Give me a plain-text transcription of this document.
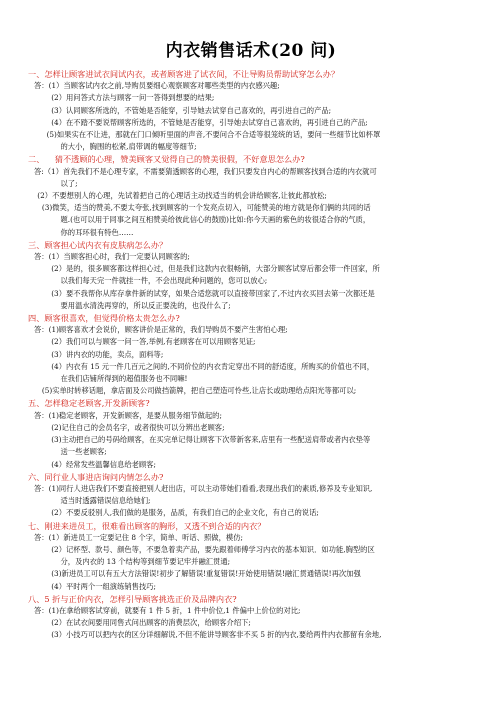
内衣销售话术(20 问)
一、怎样让顾客进试衣间试内衣，或者顾客进了试衣间，不让导购员帮助试穿怎么办？
答：(1）当顾客试内衣之前,导购员要细心观察顾客对哪些类型的内衣感兴趣;
(2）用问答式方法与顾客一问一答得到想要的结果;
(3）认同顾客所选的，不管她是否能穿，引导她去试穿自己喜欢的，再引进自己的产品;
(4）在不踏不要说帮顾客所选的，不管她是否能穿，引导她去试穿自己喜欢的，再引进自己的产品;
(5)如果实在不让进，那就在门口倾听里面的声音,不要问合不合适等很笼统的话，要问一些细节比如杯罩
的大小，胸围的松紧,肩带调的幅度等细节;
二、    猜不透顾的心理，赞美顾客又觉得自己的赞美很假，不好意思怎么办?
答:（1）首先我们不是心理专家，不需要猜透顾客的心理，我们只要发自内心的帮顾客找到合适的内衣就可
以了;
(2）不要想别人的心理，先试着把自己的心理话主动找适当的机会讲给顾客,让彼此都放松;
(3)微笑，适当的赞美,不要太夸张,找到顾客的一个发亮点切入，可能赞美的地方就是你们俩的共同的话
题.(也可以用于同事之间互相赞美给彼此信心的鼓励)比如:你今天画的紫色的妆很适合你的气质，
你的耳环很有特色……
三、顾客担心试内衣有皮肤病怎么办？
答：(1）当顾客担心时，我们一定要认同顾客的;
(2）是的，很多顾客都这样担心过，但是我们这款内衣很畅销，大部分顾客试穿后都会带一件回家，所
以我们每天完一件就挂一件，不会出现此种问题的，您可以放心;
(3）要不我帮你从库存拿件新的试穿，如果合适您就可以直接带回家了,不过内衣买回去第一次都还是
要用温水清洗再穿的，所以反正要洗的，也没什么了;
四、顾客很喜欢，但觉得价格太贵怎么办?
答：(1)顾客喜欢才会说价，顾客讲价是正常的，我们导购员不要产生害怕心理;
(2）我们可以与顾客一问一答,举例,有老顾客在可以用顾客见证;
(3）讲内衣的功能，卖点，面料等;
(4）内衣有 15 元一件几百元之间的,不同价位的内衣肯定穿出不同的舒适度，所购买的价值也不同，
在我们店铺所得到的超值服务也不同嘛!
(5)实单时转移话题，拿店面及公司做挡箭牌，把自己塑造可怜些,让店长或助理给点阳光等都可以;
五、怎样稳定老顾客,开发新顾客?
答：(1)稳定老顾客，开发新顾客，是要从服务细节做起的;
(2)记住自己的会员名字，或者很快可以分辨出老顾客;
(3)主动把自己的号码给顾客，在买完单记得让顾客下次带新客来,店里有一些配送肩带或者内衣垫等
送一些老顾客;
(4）经常发些温馨信息给老顾客;
六、同行业人事进店询问内情怎么办?
答：(1)同行人进店我们不要直接把别人赶出店，可以主动带她们看看,表现出我们的素质,修养及专业知识,
适当时透露错误信息给她们;
(2）不要反驳别人,我们做的是服务，品质，有我们自己的企业文化，有自己的说话;
七、刚进来进员工，很难看出顾客的胸形，又透不到合适的内衣？
答：(1）新进员工一定要记住 8 个字，简单、听话、照做，模仿;
(2）记杯型、款号、颜色等，不要急着卖产品，要先跟着师傅学习内衣的基本知识．如功能,胸型的区
分，及内衣的 13 个结构等到细节要记牢并融汇贯通;
(3)新进员工可以有五大方法错误!初步了解错误!重复错误!开始使用错误!融汇贯通错误!再次加强
(4）平时两个一组演练销售技巧;
八、5 折与正价内衣，怎样引导顾客挑选正价及品牌内衣?
答：(1)在拿给顾客试穿前，就要有 1 件 5 折，1 件中价位,1 件偏中上价位的对比;
(2）在试衣间要用同售式问出顾客的消费层次，给顾客介绍下;
(3）小技巧可以把内衣的区分详细解说,不但不能讲导顾客非不买 5 折的内衣,要给两件内衣都留有余地,
